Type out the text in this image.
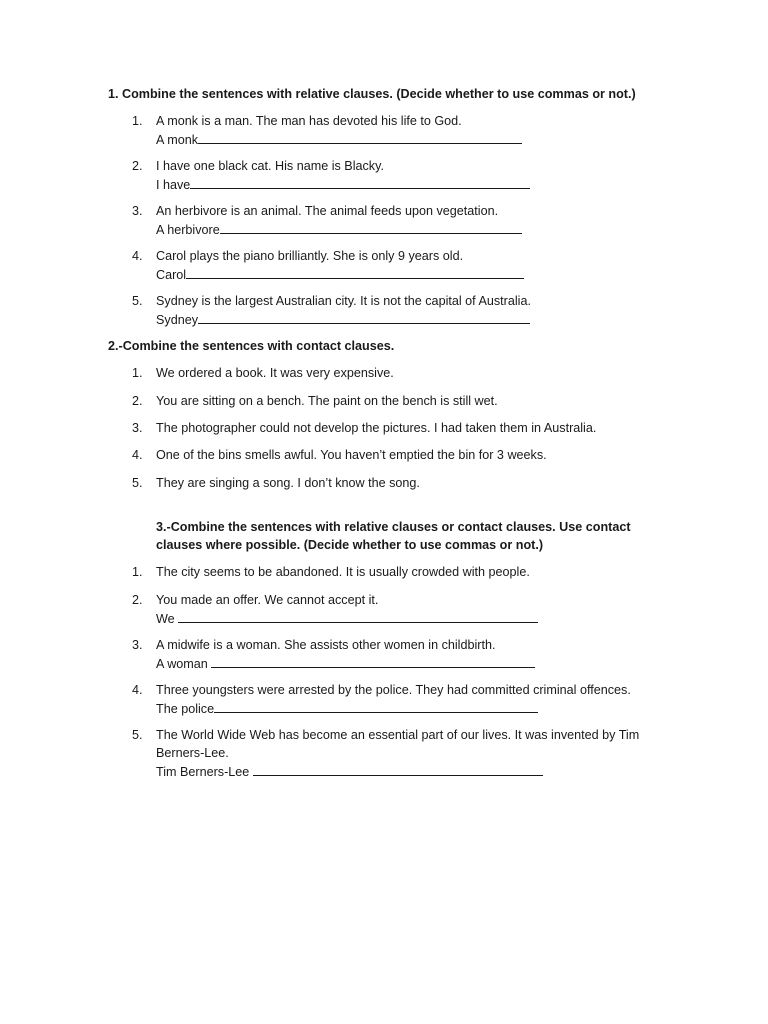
1. Combine the sentences with relative clauses. (Decide whether to use commas or not.)
1.	A monk is a man. The man has devoted his life to God.
A monk
2.	I have one black cat. His name is Blacky.
I have
3.	An herbivore is an animal. The animal feeds upon vegetation.
A herbivore
4.	Carol plays the piano brilliantly. She is only 9 years old.
Carol
5.	Sydney is the largest Australian city. It is not the capital of Australia.
Sydney
2.-Combine the sentences with contact clauses.
1.	We ordered a book. It was very expensive.
2.	You are sitting on a bench. The paint on the bench is still wet.
3.	The photographer could not develop the pictures. I had taken them in Australia.
4.	One of the bins smells awful. You haven’t emptied the bin for 3 weeks.
5.	They are singing a song. I don’t know the song.
3.-Combine the sentences with relative clauses or contact clauses. Use contact
clauses where possible. (Decide whether to use commas or not.)
1.	The city seems to be abandoned. It is usually crowded with people.
2.	You made an offer. We cannot accept it.
We
3.	A midwife is a woman. She assists other women in childbirth.
A woman
4.	Three youngsters were arrested by the police. They had committed criminal offences.
The police
5.	The World Wide Web has become an essential part of our lives. It was invented by Tim
Berners-Lee.
Tim Berners-Lee
